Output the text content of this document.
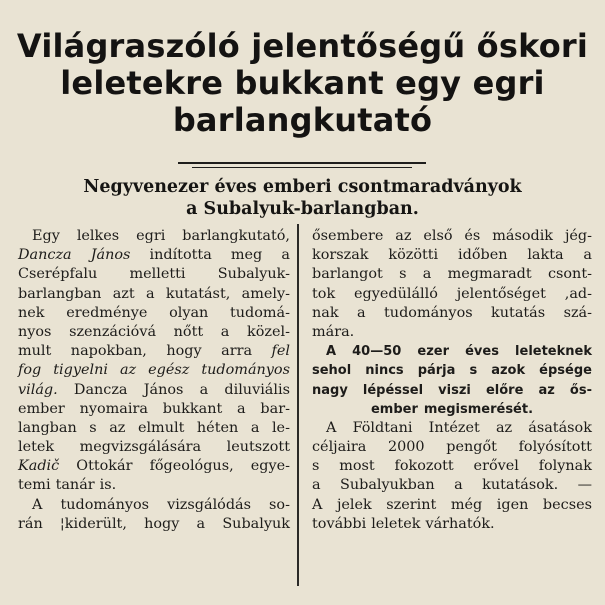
Világraszóló jelentőségű őskori
leletekre bukkant egy egri
barlangkutató
Negyvenezer éves emberi csontmaradványok
a Subalyuk-barlangban.
Egy lelkes egri barlangkutató,
Dancza János indította meg a
Cserépfalu melletti Subalyuk-
barlangban azt a kutatást, amely-
nek eredménye olyan tudomá-
nyos szenzációvá nőtt a közel-
mult napokban, hogy arra fel
fog tigyelni az egész tudományos
világ. Dancza János a diluviális
ember nyomaira bukkant a bar-
langban s az elmult héten a le-
letek megvizsgálására leutszott
Kadič Ottokár főgeológus, egye-
temi tanár is.
A tudományos vizsgálódás so-
rán ¦kiderült, hogy a Subalyuk
ősembere az első és második jég-
korszak közötti időben lakta a
barlangot s a megmaradt csont-
tok egyedülálló jelentőséget ,ad-
nak a tudományos kutatás szá-
mára.
A 40—50 ezer éves leleteknek
sehol nincs párja s azok épsége
nagy lépéssel viszi előre az ős-
ember megismerését.
A Földtani Intézet az ásatások
céljaira 2000 pengőt folyósított
s most fokozott erővel folynak
a Subalyukban a kutatások. —
A jelek szerint még igen becses
további leletek várhatók.
